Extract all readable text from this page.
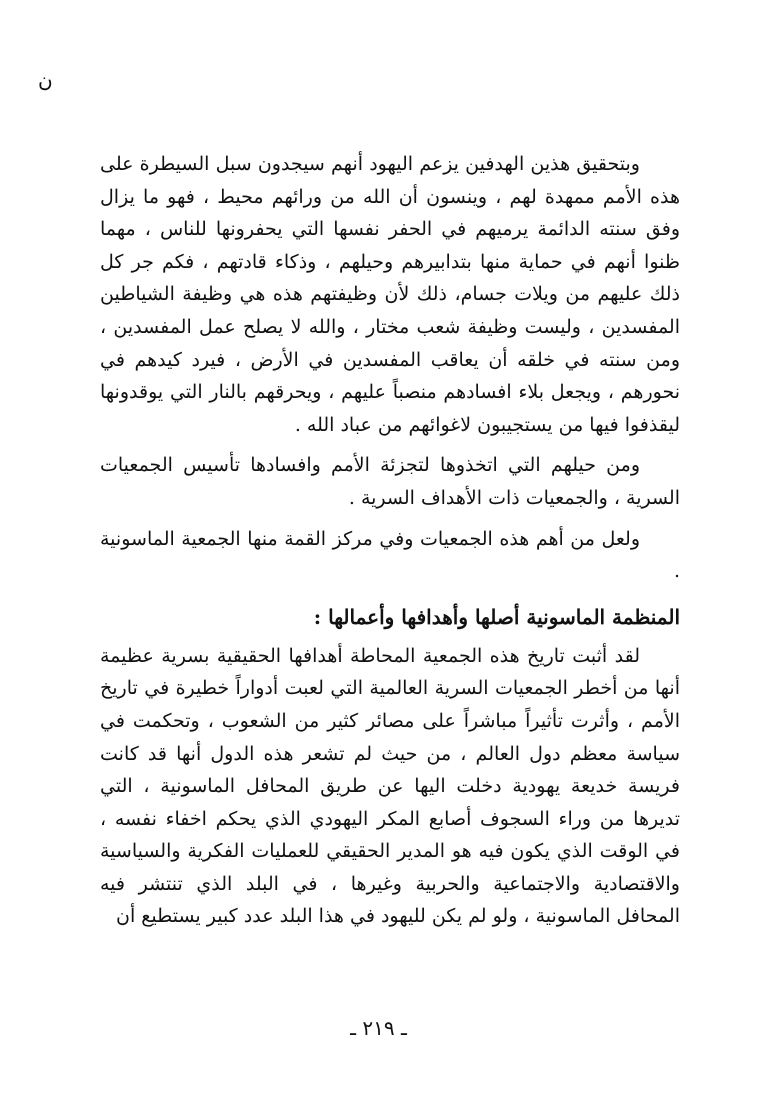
ن

وبتحقيق هذين الهدفين يزعم اليهود أنهم سيجدون سبل السيطرة على هذه الأمم ممهدة لهم ، وينسون أن الله من ورائهم محيط ، فهو ما يزال وفق سنته الدائمة يرميهم في الحفر نفسها التي يحفرونها للناس ، مهما ظنوا أنهم في حماية منها بتدابيرهم وحيلهم ، وذكاء قادتهم ، فكم جر كل ذلك عليهم من ويلات جسام، ذلك لأن وظيفتهم هذه هي وظيفة الشياطين المفسدين ، وليست وظيفة شعب مختار ، والله لا يصلح عمل المفسدين ، ومن سنته في خلقه أن يعاقب المفسدين في الأرض ، فيرد كيدهم في نحورهم ، ويجعل بلاء افسادهم منصباً عليهم ، ويحرقهم بالنار التي يوقدونها ليقذفوا فيها من يستجيبون لاغوائهم من عباد الله .

ومن حيلهم التي اتخذوها لتجزئة الأمم وافسادها تأسيس الجمعيات السرية ، والجمعيات ذات الأهداف السرية .

ولعل من أهم هذه الجمعيات وفي مركز القمة منها الجمعية الماسونية .

المنظمة الماسونية أصلها وأهدافها وأعمالها :

لقد أثبت تاريخ هذه الجمعية المحاطة أهدافها الحقيقية بسرية عظيمة أنها من أخطر الجمعيات السرية العالمية التي لعبت أدواراً خطيرة في تاريخ الأمم ، وأثرت تأثيراً مباشراً على مصائر كثير من الشعوب ، وتحكمت في سياسة معظم دول العالم ، من حيث لم تشعر هذه الدول أنها قد كانت فريسة خديعة يهودية دخلت اليها عن طريق المحافل الماسونية ، التي تديرها من وراء السجوف أصابع المكر اليهودي الذي يحكم اخفاء نفسه ، في الوقت الذي يكون فيه هو المدير الحقيقي للعمليات الفكرية والسياسية والاقتصادية والاجتماعية والحربية وغيرها ، في البلد الذي تنتشر فيه المحافل الماسونية ، ولو لم يكن لليهود في هذا البلد عدد كبير يستطيع أن

ـ ٢١٩ ـ
